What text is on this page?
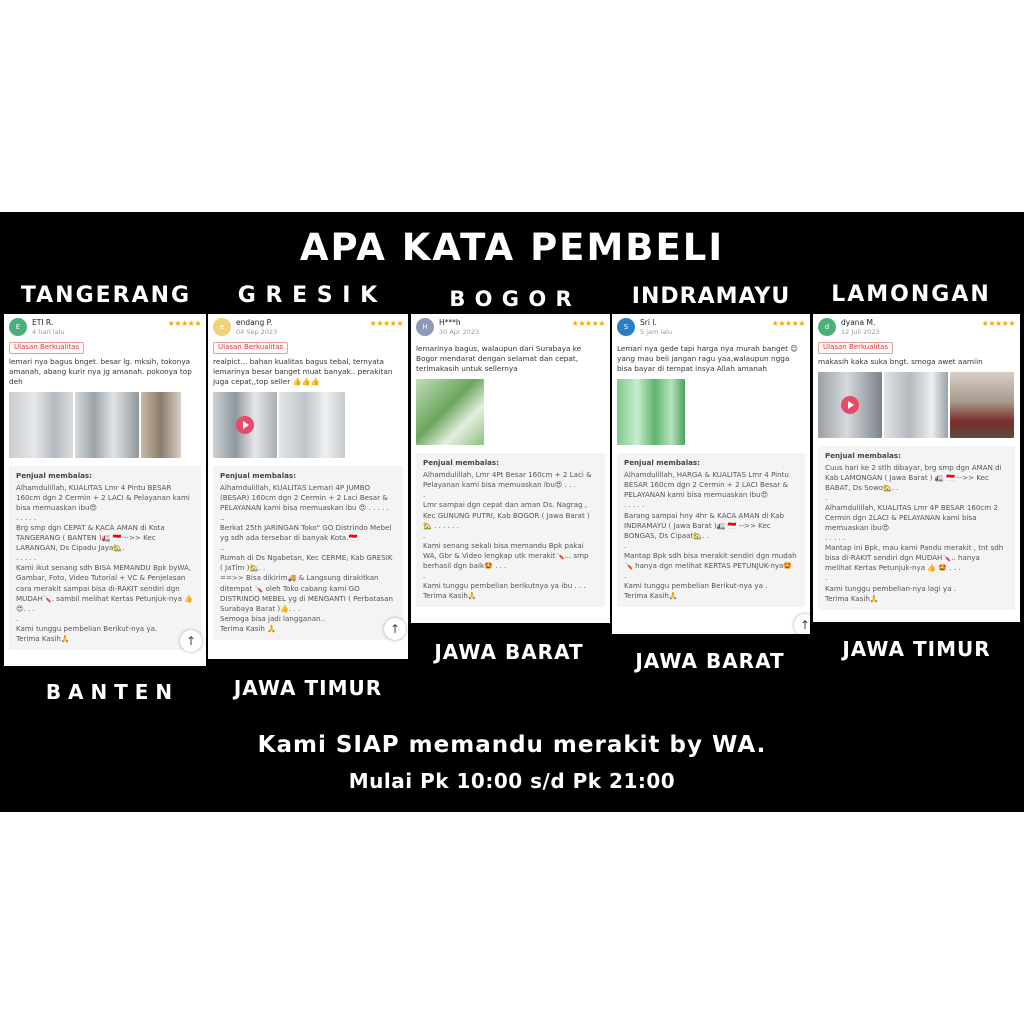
APA KATA PEMBELI
TANGERANG	G R E S I K	B O G O R	INDRAMAYU	LAMONGAN
E	ETI R.
4 hari lalu
★★★★★
Ulasan Berkualitas
lemari nya bagus bnget. besar lg. mksih, tokonya amanah, abang kurir nya jg amanah. pokonya top deh
Penjual membalas:
Alhamdulillah, KUALITAS Lmr 4 Pintu BESAR 160cm dgn 2 Cermin + 2 LACI & Pelayanan kami bisa memuaskan ibu😍
. . . . .
Brg smp dgn CEPAT & KACA AMAN di Kota TANGERANG ( BANTEN )🚛 🇮🇩 -->> Kec LARANGAN, Ds Cipadu Jaya🏡.
. . . . .
Kami ikut senang sdh BISA MEMANDU Bpk byWA, Gambar, Foto, Video Tutorial + VC & Penjelasan cara merakit sampai bisa di-RAKIT sendiri dgn MUDAH🪛. sambil melihat Kertas Petunjuk-nya 👍😍. . .
.
Kami tunggu pembelian Berikut-nya ya.
Terima Kasih🙏	↑
e	endang P.
04 Sep 2023
★★★★★
Ulasan Berkualitas
realpict... bahan kualitas bagus tebal, ternyata lemarinya besar banget muat banyak.. perakitan juga cepat,,top seller 👍👍👍
Penjual membalas:
Alhamdulillah, KUALITAS Lemari 4P JUMBO (BESAR) 160cm dgn 2 Cermin + 2 Laci Besar & PELAYANAN kami bisa memuaskan ibu 😍 . . . . .
..
Berkat 25th JARINGAN Toko" GO Distrindo Mebel yg sdh ada tersebar di banyak Kota.🇮🇩
..
Rumah di Ds Ngabetan, Kec CERME, Kab GRESIK ( JaTim )🏡. .
==>> Bisa dikirim🚚 & Langsung dirakitkan ditempat 🪛 oleh Toko cabang kami GO DISTRINDO MEBEL yg di MENGANTI ( Perbatasan Surabaya Barat )👍. . .
Semoga bisa jadi langganan..
Terima Kasih 🙏	↑
H	H***h
30 Apr 2023
★★★★★
lemarinya bagus, walaupun dari Surabaya ke Bogor mendarat dengan selamat dan cepat, terimakasih untuk sellernya
Penjual membalas:
Alhamdulillah, Lmr 4Pt Besar 160cm + 2 Laci & Pelayanan kami bisa memuaskan ibu😍 . . .
.
Lmr sampai dgn cepat dan aman Ds. Nagrag , Kec GUNUNG PUTRI, Kab BOGOR ( Jawa Barat ) 🏡 . . . . . .
.
Kami senang sekali bisa memandu Bpk pakai WA, Gbr & Video lengkap utk merakit🪛... smp berhasil dgn baik🤩 . . .
.
Kami tunggu pembelian berikutnya ya ibu . . .
Terima Kasih🙏
S	Sri I.
5 jam lalu
★★★★★
Lemari nya gede tapi harga nya murah banget 😊 yang mau beli jangan ragu yaa,walaupun ngga bisa bayar di tempat insya Allah amanah
Penjual membalas:
Alhamdulillah, HARGA & KUALITAS Lmr 4 Pintu BESAR 160cm dgn 2 Cermin + 2 LACI Besar & PELAYANAN kami bisa memuaskan Ibu😍
. . . . .
Barang sampai hny 4hr & KACA AMAN di Kab INDRAMAYU ( Jawa Barat )🚛 🇮🇩 -->> Kec BONGAS, Ds Cipaat🏡. .
.
Mantap Bpk sdh bisa merakit sendiri dgn mudah🪛 hanya dgn melihat KERTAS PETUNJUK-nya🤩
.
Kami tunggu pembelian Berikut-nya ya .
Terima Kasih🙏
↑
d	dyana M.
12 Juli 2023
★★★★★
Ulasan Berkualitas
makasih kaka suka bngt. smoga awet aamiin
Penjual membalas:
Cuus hari ke 2 stlh dibayar, brg smp dgn AMAN di Kab LAMONGAN ( Jawa Barat ) 🚛 🇮🇩 -->> Kec BABAT, Ds Sowo🏡. .
.
Alhamdulillah, KUALITAS Lmr 4P BESAR 160cm 2 Cermin dgn 2LACI & PELAYANAN kami bisa memuaskan ibu😍
. . . . .
Mantap ini Bpk, mau kami Pandu merakit , tnt sdh bisa di-RAKIT sendiri dgn MUDAH🪛.. hanya melihat Kertas Petunjuk-nya 👍 🤩 . . .
.
Kami tunggu pembelian-nya lagi ya .
Terima Kasih🙏
B A N T E N	JAWA TIMUR
JAWA BARAT	JAWA BARAT	JAWA TIMUR
Kami SIAP memandu merakit by WA.
Mulai Pk 10:00 s/d Pk 21:00
